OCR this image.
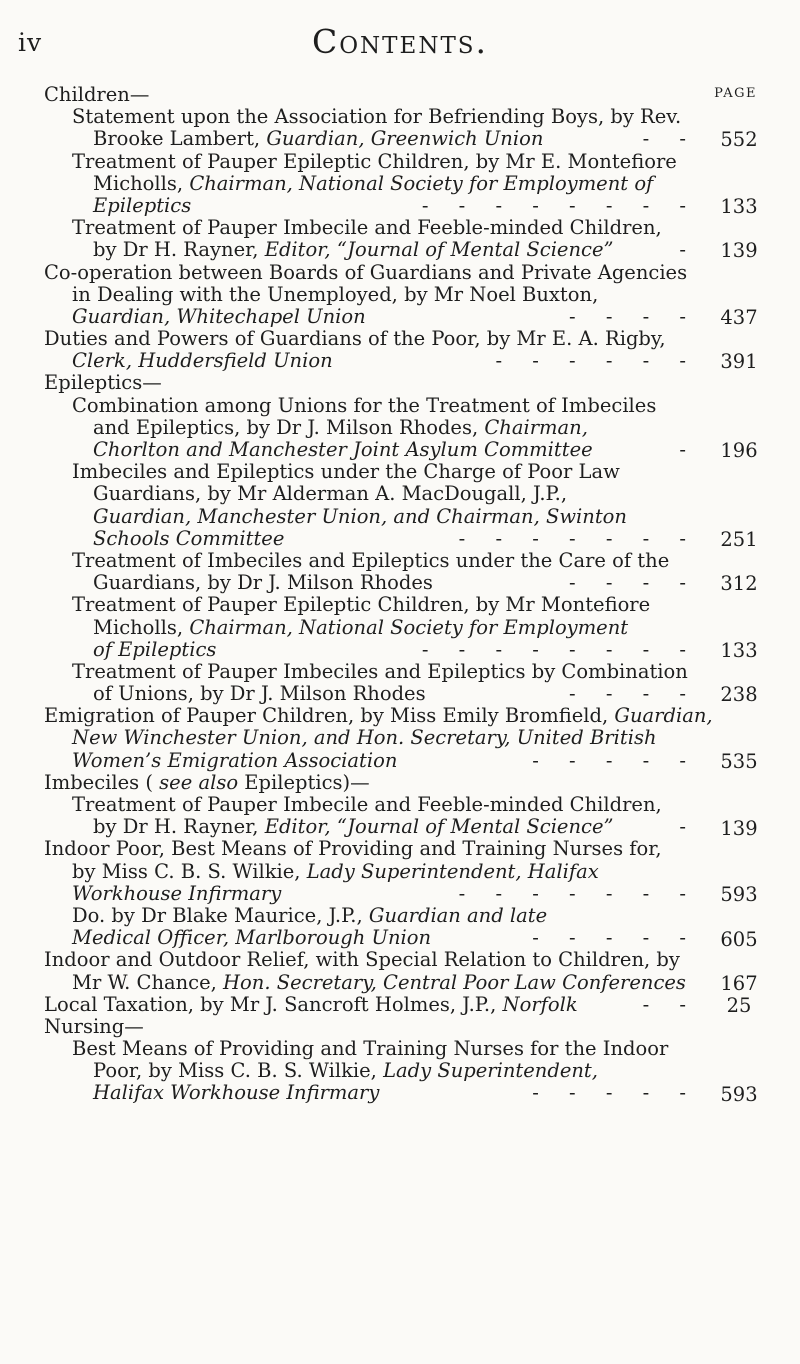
iv	Contents.
PAGE
Children—
Statement upon the Association for Befriending Boys, by Rev.
Brooke Lambert, Guardian, Greenwich Union	- -	552
Treatment of Pauper Epileptic Children, by Mr E. Montefiore
Micholls, Chairman, National Society for Employment of
Epileptics	- - - - - - - -	133
Treatment of Pauper Imbecile and Feeble-minded Children,
by Dr H. Rayner, Editor, “Journal of Mental Science”	-	139
Co-operation between Boards of Guardians and Private Agencies
in Dealing with the Unemployed, by Mr Noel Buxton,
Guardian, Whitechapel Union	- - - -	437
Duties and Powers of Guardians of the Poor, by Mr E. A. Rigby,
Clerk, Huddersfield Union	- - - - - -	391
Epileptics—
Combination among Unions for the Treatment of Imbeciles
and Epileptics, by Dr J. Milson Rhodes, Chairman,
Chorlton and Manchester Joint Asylum Committee	-	196
Imbeciles and Epileptics under the Charge of Poor Law
Guardians, by Mr Alderman A. MacDougall, J.P.,
Guardian, Manchester Union, and Chairman, Swinton
Schools Committee	- - - - - - -	251
Treatment of Imbeciles and Epileptics under the Care of the
Guardians, by Dr J. Milson Rhodes	- - - -	312
Treatment of Pauper Epileptic Children, by Mr Montefiore
Micholls, Chairman, National Society for Employment
of Epileptics	- - - - - - - -	133
Treatment of Pauper Imbeciles and Epileptics by Combination
of Unions, by Dr J. Milson Rhodes	- - - -	238
Emigration of Pauper Children, by Miss Emily Bromfield, Guardian,
New Winchester Union, and Hon. Secretary, United British
Women’s Emigration Association	- - - - -	535
Imbeciles ( see also Epileptics)—
Treatment of Pauper Imbecile and Feeble-minded Children,
by Dr H. Rayner, Editor, “Journal of Mental Science”	-	139
Indoor Poor, Best Means of Providing and Training Nurses for,
by Miss C. B. S. Wilkie, Lady Superintendent, Halifax
Workhouse Infirmary	- - - - - - -	593
Do. by Dr Blake Maurice, J.P., Guardian and late
Medical Officer, Marlborough Union	- - - - -	605
Indoor and Outdoor Relief, with Special Relation to Children, by
Mr W. Chance, Hon. Secretary, Central Poor Law Conferences	167
Local Taxation, by Mr J. Sancroft Holmes, J.P., Norfolk	- -	25
Nursing—
Best Means of Providing and Training Nurses for the Indoor
Poor, by Miss C. B. S. Wilkie, Lady Superintendent,
Halifax Workhouse Infirmary	- - - - -	593
